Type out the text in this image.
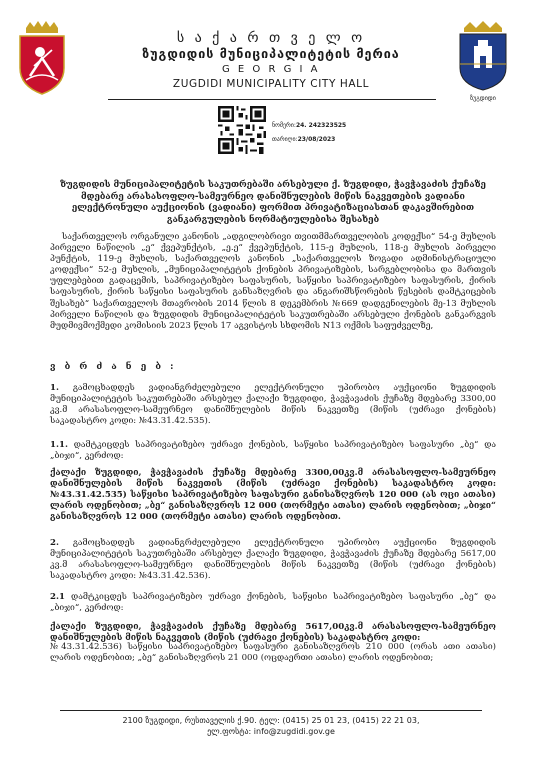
ს ა ქ ა რ თ ვ ე ლ ო
ზუგდიდის მუნიციპალიტეტის მერია
G E O R G I A
ZUGDIDI MUNICIPALITY CITY HALL
ზუგდიდი
ნომერი:24. 242323525
თარიღი:23/08/2023
ზუგდიდის მუნიციპალიტეტის საკუთრებაში არსებული ქ. ზუგდიდი, ჭავჭავაძის ქუჩაზე მდებარე არასასოფლო-სამეურნეო დანიშნულების მიწის ნაკვეთების ვადიანი ელექტრონული აუქციონის (ვადიანი) ფორმით პრივატიზაციასთან დაკავშირებით განკარგულების ნორმატიულებისა შესახებ
საქართველოს ორგანული კანონის „ადგილობრივი თვითმმართველობის კოდექსი“ 54-ე მუხლის პირველი ნაწილის „ე“ ქვეპუნქტის, „ე.ე“ ქვეპუნქტის, 115-ე მუხლის, 118-ე მუხლის პირველი პუნქტის, 119-ე მუხლის, საქართველოს კანონის „საქართველოს ზოგადი ადმინისტრაციული კოდექსი“ 52-ე მუხლის, „მუნიციპალიტეტის ქონების პრივატიზების, სარგებლობისა და მართვის უფლებებით გადაცემის, საპრივატიზებო საფასურის, საწყისი საპრივატიზებო საფასურის, ქირის საფასურის, ქირის საწყისი საფასურის განსაზღვრის და ანგარიშსწორების წესების დამტკიცების შესახებ“ საქართველოს მთავრობის 2014 წლის 8 დეკემბრის №669 დადგენილების მე-13 მუხლის პირველი ნაწილის და ზუგდიდის მუნიციპალიტეტის საკუთრებაში არსებული ქონების განკარგვის მუდმივმოქმედი კომისიის 2023 წლის 17 აგვისტოს სხდომის N13 ოქმის საფუძველზე,
ვ ბ რ ძ ა ნ ე ბ :
1. გამოცხადდეს ვადიანგრძელებული ელექტრონული უპირობო აუქციონი ზუგდიდის მუნიციპალიტეტის საკუთრებაში არსებულ ქალაქი ზუგდიდი, ჭავჭავაძის ქუჩაზე მდებარე 3300,00 კვ.მ არასასოფლო-სამეურნეო დანიშნულების მიწის ნაკვეთზე (მიწის (უძრავი ქონების) საკადასტრო კოდი: №43.31.42.535).
1.1. დამტკიცდეს საპრივატიზებო უძრავი ქონების, საწყისი საპრივატიზებო საფასური „ბე“ და „ბიჯი“, კერძოდ:
ქალაქი ზუგდიდი, ჭავჭავაძის ქუჩაზე მდებარე 3300,00კვ.მ არასასოფლო-სამეურნეო დანიშნულების მიწის ნაკვეთის (მიწის (უძრავი ქონების) საკადასტრო კოდი: №43.31.42.535) საწყისი საპრივატიზებო საფასური განისაზღვროს 120 000 (ას ოცი ათასი) ლარის ოდენობით; „ბე“ განისაზღვროს 12 000 (თორმეტი ათასი) ლარის ოდენობით; „ბიჯი“ განისაზღვროს 12 000 (თორმეტი ათასი) ლარის ოდენობით.
2. გამოცხადდეს ვადიანგრძელებული ელექტრონული უპირობო აუქციონი ზუგდიდის მუნიციპალიტეტის საკუთრებაში არსებულ ქალაქი ზუგდიდი, ჭავჭავაძის ქუჩაზე მდებარე 5617,00 კვ.მ არასასოფლო-სამეურნეო დანიშნულების მიწის ნაკვეთზე (მიწის (უძრავი ქონების) საკადასტრო კოდი: №43.31.42.536).
2.1 დამტკიცდეს საპრივატიზებო უძრავი ქონების, საწყისი საპრივატიზებო საფასური „ბე“ და „ბიჯი“, კერძოდ:
ქალაქი ზუგდიდი, ჭავჭავაძის ქუჩაზე მდებარე 5617,00კვ.მ არასასოფლო-სამეურნეო დანიშნულების მიწის ნაკვეთის (მიწის (უძრავი ქონების) საკადასტრო კოდი:
№43.31.42.536) საწყისი საპრივატიზებო საფასური განისაზღვროს 210 000 (ორას ათი ათასი) ლარის ოდენობით; „ბე“ განისაზღვროს 21 000 (ოცდაერთი ათასი) ლარის ოდენობით;
2100 ზუგდიდი, რუსთაველის ქ.90. ტელ: (0415) 25 01 23, (0415) 22 21 03,
ელ.ფოსტა: info@zugdidi.gov.ge
